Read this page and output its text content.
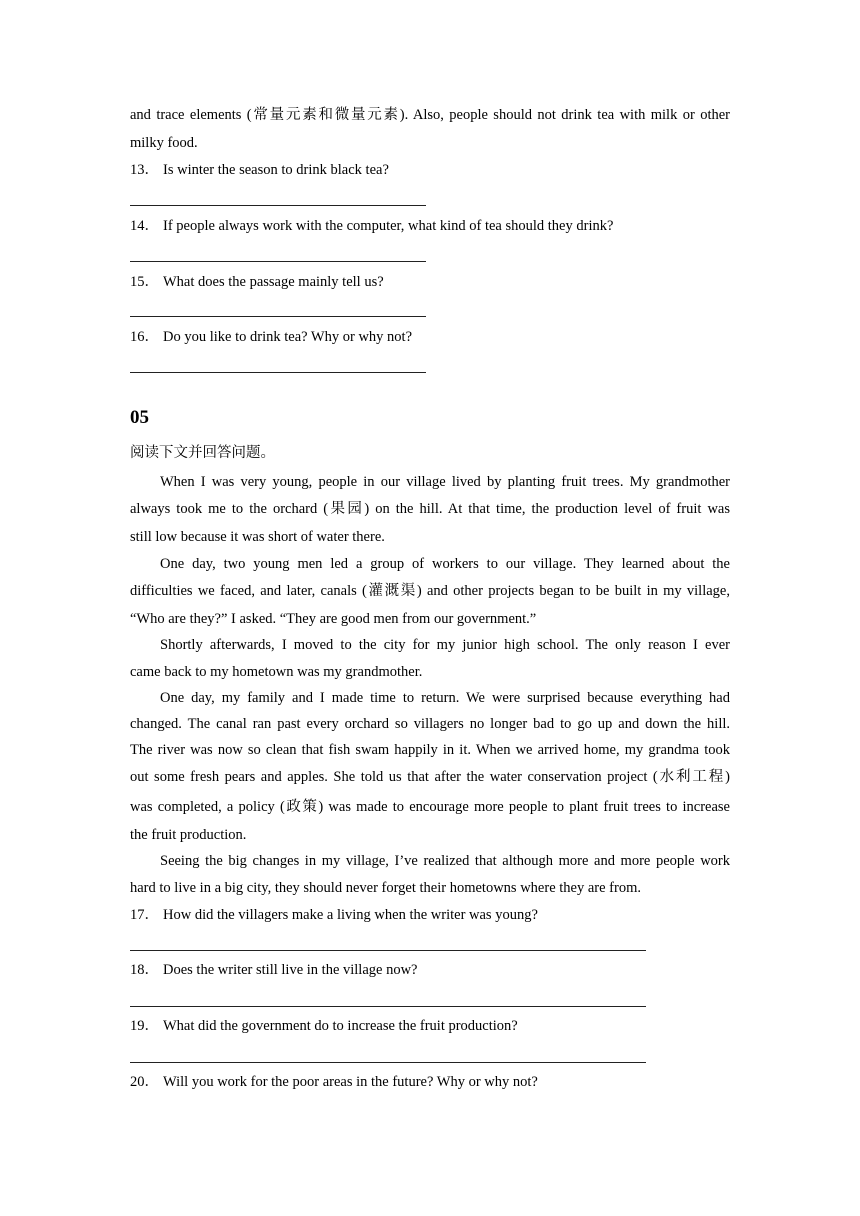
and trace elements (常量元素和微量元素). Also, people should not drink tea with milk or other
milky food.
13． Is winter the season to drink black tea?
14． If people always work with the computer, what kind of tea should they drink?
15． What does the passage mainly tell us?
16． Do you like to drink tea? Why or why not?
05
阅读下文并回答问题。
When I was very young, people in our village lived by planting fruit trees. My grandmother
always took me to the orchard (果园) on the hill. At that time, the production level of fruit was
still low because it was short of water there.
One day, two young men led a group of workers to our village. They learned about the
difficulties we faced, and later, canals (灌溉渠) and other projects began to be built in my village,
“Who are they?” I asked. “They are good men from our government.”
Shortly afterwards, I moved to the city for my junior high school. The only reason I ever
came back to my hometown was my grandmother.
One day, my family and I made time to return. We were surprised because everything had
changed. The canal ran past every orchard so villagers no longer bad to go up and down the hill.
The river was now so clean that fish swam happily in it. When we arrived home, my grandma took
out some fresh pears and apples. She told us that after the water conservation project (水利工程)
was completed, a policy (政策) was made to encourage more people to plant fruit trees to increase
the fruit production.
Seeing the big changes in my village, I’ve realized that although more and more people work
hard to live in a big city, they should never forget their hometowns where they are from.
17． How did the villagers make a living when the writer was young?
18． Does the writer still live in the village now?
19． What did the government do to increase the fruit production?
20． Will you work for the poor areas in the future? Why or why not?
